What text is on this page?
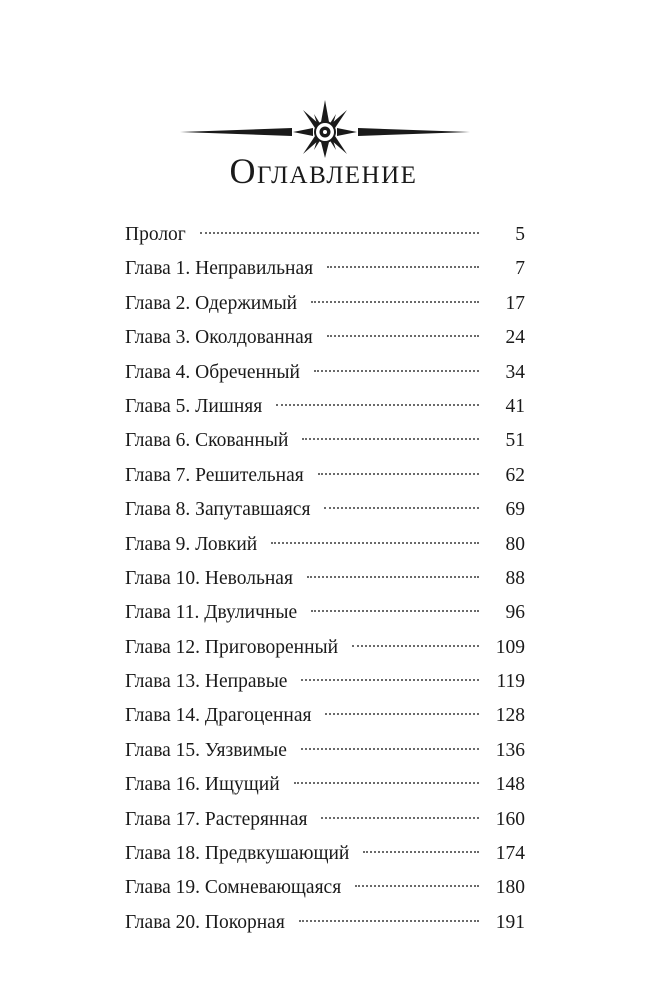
Оглавление
Пролог	5
Глава 1. Неправильная	7
Глава 2. Одержимый	17
Глава 3. Околдованная	24
Глава 4. Обреченный	34
Глава 5. Лишняя	41
Глава 6. Скованный	51
Глава 7. Решительная	62
Глава 8. Запутавшаяся	69
Глава 9. Ловкий	80
Глава 10. Невольная	88
Глава 11. Двуличные	96
Глава 12. Приговоренный	109
Глава 13. Неправые	119
Глава 14. Драгоценная	128
Глава 15. Уязвимые	136
Глава 16. Ищущий	148
Глава 17. Растерянная	160
Глава 18. Предвкушающий	174
Глава 19. Сомневающаяся	180
Глава 20. Покорная	191
